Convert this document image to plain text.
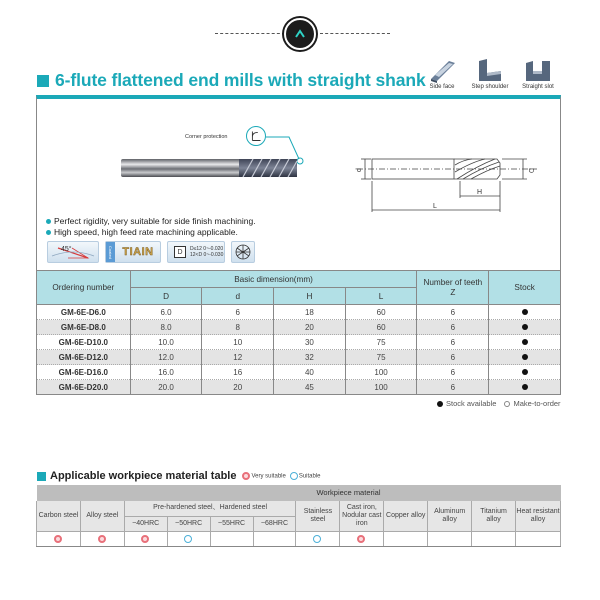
6-flute flattened end mills with straight shank Side face	Step shoulder	Straight slot
Corner protection
d	D
H
L
Perfect rigidity, very suitable for side finish machining.
High speed, high feed rate machining applicable.
45°	Coated TIAIN	D	D≤12 0~-0.020
12<D 0~-0.030
Ordering number	Basic dimension(mm)				Number of teeth
Z	Stock
	D	d	H	L		
GM-6E-D6.0	6.0	6	18	60	6	
GM-6E-D8.0	8.0	8	20	60	6	
GM-6E-D10.0	10.0	10	30	75	6	
GM-6E-D12.0	12.0	12	32	75	6	
GM-6E-D16.0	16.0	16	40	100	6	
GM-6E-D20.0	20.0	20	45	100	6	
Stock available	Make-to-order
Applicable workpiece material table	Very suitable	Suitable
Workpiece material											
Carbon steel	Alloy steel	Pre-hardened steel、Hardened steel				Stainless steel	Cast iron, Nodular cast iron	Copper alloy	Aluminum alloy	Titanium alloy	Heat resistant alloy
		~40HRC	~50HRC	~55HRC	~68HRC						
